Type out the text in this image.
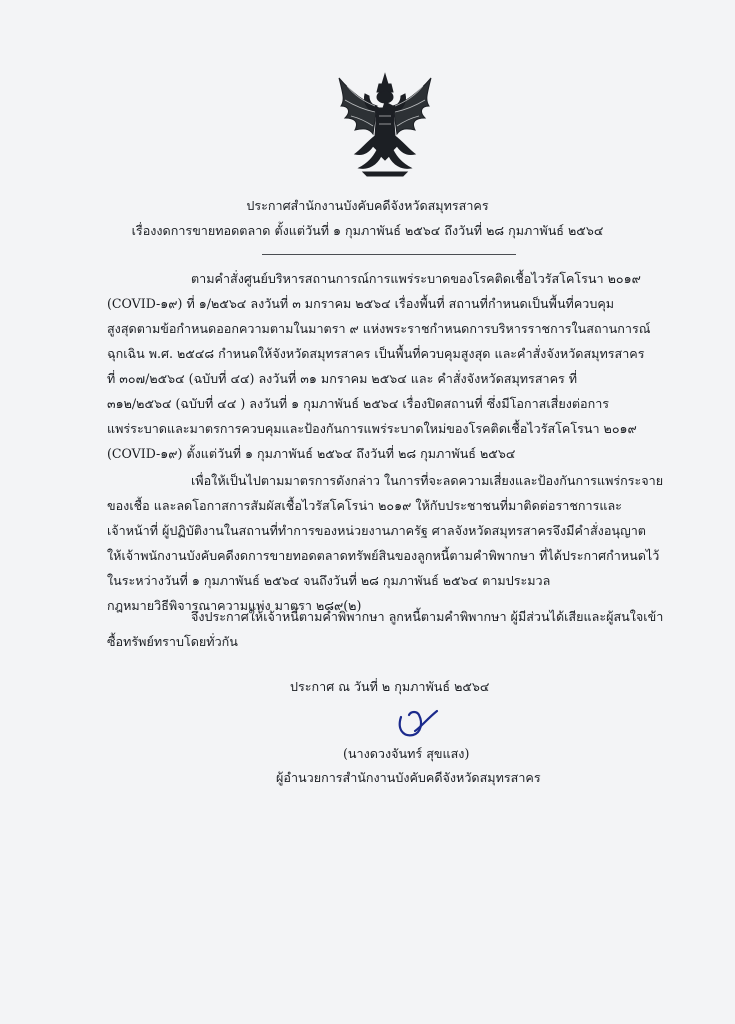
ประกาศสำนักงานบังคับคดีจังหวัดสมุทรสาคร
เรื่องงดการขายทอดตลาด ตั้งแต่วันที่ ๑ กุมภาพันธ์ ๒๕๖๔ ถึงวันที่ ๒๘ กุมภาพันธ์ ๒๕๖๔
ตามคำสั่งศูนย์บริหารสถานการณ์การแพร่ระบาดของโรคติดเชื้อไวรัสโคโรนา ๒๐๑๙
(COVID-๑๙) ที่ ๑/๒๕๖๔ ลงวันที่ ๓ มกราคม ๒๕๖๔ เรื่องพื้นที่ สถานที่กำหนดเป็นพื้นที่ควบคุม
สูงสุดตามข้อกำหนดออกความตามในมาตรา ๙ แห่งพระราชกำหนดการบริหารราชการในสถานการณ์
ฉุกเฉิน พ.ศ. ๒๕๔๘ กำหนดให้จังหวัดสมุทรสาคร เป็นพื้นที่ควบคุมสูงสุด และคำสั่งจังหวัดสมุทรสาคร
ที่ ๓๐๗/๒๕๖๔ (ฉบับที่ ๔๔) ลงวันที่ ๓๑ มกราคม ๒๕๖๔ และ คำสั่งจังหวัดสมุทรสาคร ที่
๓๑๒/๒๕๖๔ (ฉบับที่ ๔๔ ) ลงวันที่ ๑ กุมภาพันธ์ ๒๕๖๔ เรื่องปิดสถานที่ ซึ่งมีโอกาสเสี่ยงต่อการ
แพร่ระบาดและมาตรการควบคุมและป้องกันการแพร่ระบาดใหม่ของโรคติดเชื้อไวรัสโคโรนา ๒๐๑๙
(COVID-๑๙) ตั้งแต่วันที่ ๑ กุมภาพันธ์ ๒๕๖๔ ถึงวันที่ ๒๘ กุมภาพันธ์ ๒๕๖๔
เพื่อให้เป็นไปตามมาตรการดังกล่าว ในการที่จะลดความเสี่ยงและป้องกันการแพร่กระจาย
ของเชื้อ และลดโอกาสการสัมผัสเชื้อไวรัสโคโรน่า ๒๐๑๙ ให้กับประชาชนที่มาติดต่อราชการและ
เจ้าหน้าที่ ผู้ปฏิบัติงานในสถานที่ทำการของหน่วยงานภาครัฐ ศาลจังหวัดสมุทรสาครจึงมีคำสั่งอนุญาต
ให้เจ้าพนักงานบังคับคดีงดการขายทอดตลาดทรัพย์สินของลูกหนี้ตามคำพิพากษา ที่ได้ประกาศกำหนดไว้
ในระหว่างวันที่ ๑ กุมภาพันธ์ ๒๕๖๔ จนถึงวันที่ ๒๘ กุมภาพันธ์ ๒๕๖๔ ตามประมวล
กฎหมายวิธีพิจารณาความแพ่ง มาตรา ๒๘๙(๒)
จึงประกาศให้เจ้าหนี้ตามคำพิพากษา ลูกหนี้ตามคำพิพากษา ผู้มีส่วนได้เสียและผู้สนใจเข้า
ซื้อทรัพย์ทราบโดยทั่วกัน
ประกาศ ณ วันที่ ๒ กุมภาพันธ์ ๒๕๖๔
(นางดวงจันทร์ สุขแสง)
ผู้อำนวยการสำนักงานบังคับคดีจังหวัดสมุทรสาคร
